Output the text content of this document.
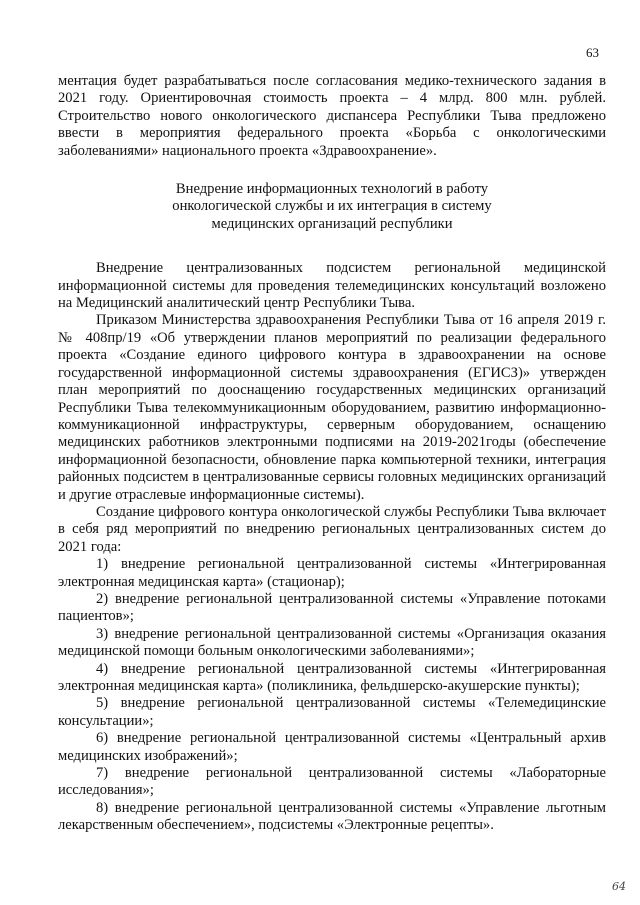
63

ментация будет разрабатываться после согласования медико-технического задания в 2021 году. Ориентировочная стоимость проекта – 4 млрд. 800 млн. рублей. Строительство нового онкологического диспансера Республики Тыва предложено ввести в мероприятия федерального проекта «Борьба с онкологическими заболеваниями» национального проекта «Здравоохранение».

Внедрение информационных технологий в работу
онкологической службы и их интеграция в систему
медицинских организаций республики

Внедрение централизованных подсистем региональной медицинской информационной системы для проведения телемедицинских консультаций возложено на Медицинский аналитический центр Республики Тыва.

Приказом Министерства здравоохранения Республики Тыва от 16 апреля 2019 г. № 408пр/19 «Об утверждении планов мероприятий по реализации федерального проекта «Создание единого цифрового контура в здравоохранении на основе государственной информационной системы здравоохранения (ЕГИСЗ)» утвержден план мероприятий по дооснащению государственных медицинских организаций Республики Тыва телекоммуникационным оборудованием, развитию информационно-коммуникационной инфраструктуры, серверным оборудованием, оснащению медицинских работников электронными подписями на 2019-2021годы (обеспечение информационной безопасности, обновление парка компьютерной техники, интеграция районных подсистем в централизованные сервисы головных медицинских организаций и другие отраслевые информационные системы).

Создание цифрового контура онкологической службы Республики Тыва включает в себя ряд мероприятий по внедрению региональных централизованных систем до 2021 года:

1) внедрение региональной централизованной системы «Интегрированная электронная медицинская карта» (стационар);

2) внедрение региональной централизованной системы «Управление потоками пациентов»;

3) внедрение региональной централизованной системы «Организация оказания медицинской помощи больным онкологическими заболеваниями»;

4) внедрение региональной централизованной системы «Интегрированная электронная медицинская карта» (поликлиника, фельдшерско-акушерские пункты);

5) внедрение региональной централизованной системы «Телемедицинские консультации»;

6) внедрение региональной централизованной системы «Центральный архив медицинских изображений»;

7) внедрение региональной централизованной системы «Лабораторные исследования»;

8) внедрение региональной централизованной системы «Управление льготным лекарственным обеспечением», подсистемы «Электронные рецепты».

64
